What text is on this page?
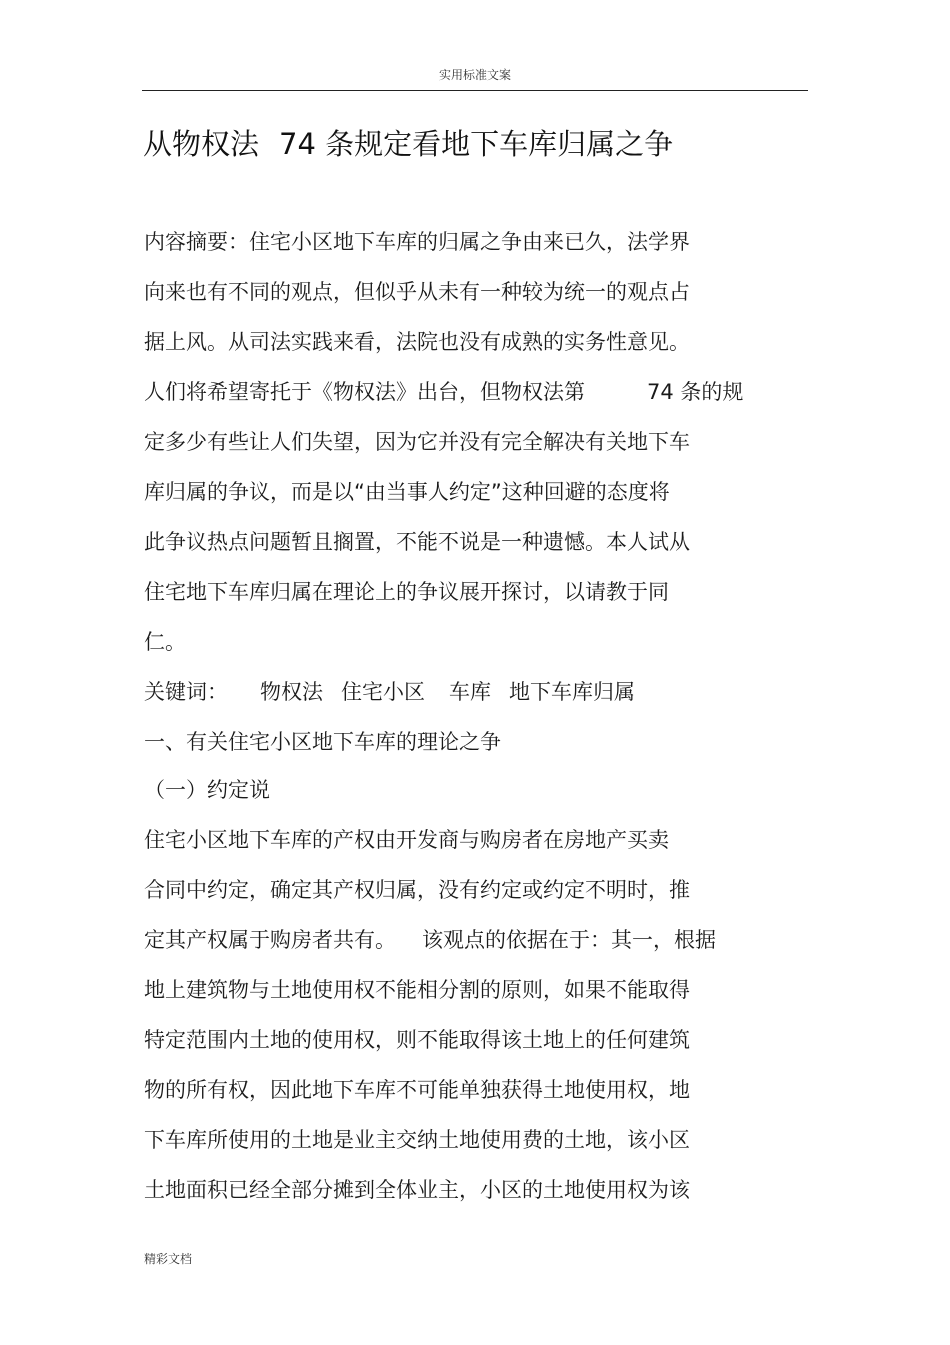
实用标准文案
从物权法 74 条规定看地下车库归属之争
内容摘要：住宅小区地下车库的归属之争由来已久，法学界
向来也有不同的观点，但似乎从未有一种较为统一的观点占
据上风。从司法实践来看，法院也没有成熟的实务性意见。
人们将希望寄托于《物权法》出台，但物权法第	74 条的规
定多少有些让人们失望，因为它并没有完全解决有关地下车
库归属的争议，而是以“由当事人约定”这种回避的态度将
此争议热点问题暂且搁置，不能不说是一种遗憾。本人试从
住宅地下车库归属在理论上的争议展开探讨，以请教于同
仁。
关键词： 物权法 住宅小区 车库 地下车库归属
一、有关住宅小区地下车库的理论之争
（一）约定说
住宅小区地下车库的产权由开发商与购房者在房地产买卖
合同中约定，确定其产权归属，没有约定或约定不明时，推
定其产权属于购房者共有。 该观点的依据在于：其一，根据
地上建筑物与土地使用权不能相分割的原则，如果不能取得
特定范围内土地的使用权，则不能取得该土地上的任何建筑
物的所有权，因此地下车库不可能单独获得土地使用权，地
下车库所使用的土地是业主交纳土地使用费的土地，该小区
土地面积已经全部分摊到全体业主，小区的土地使用权为该
精彩文档
